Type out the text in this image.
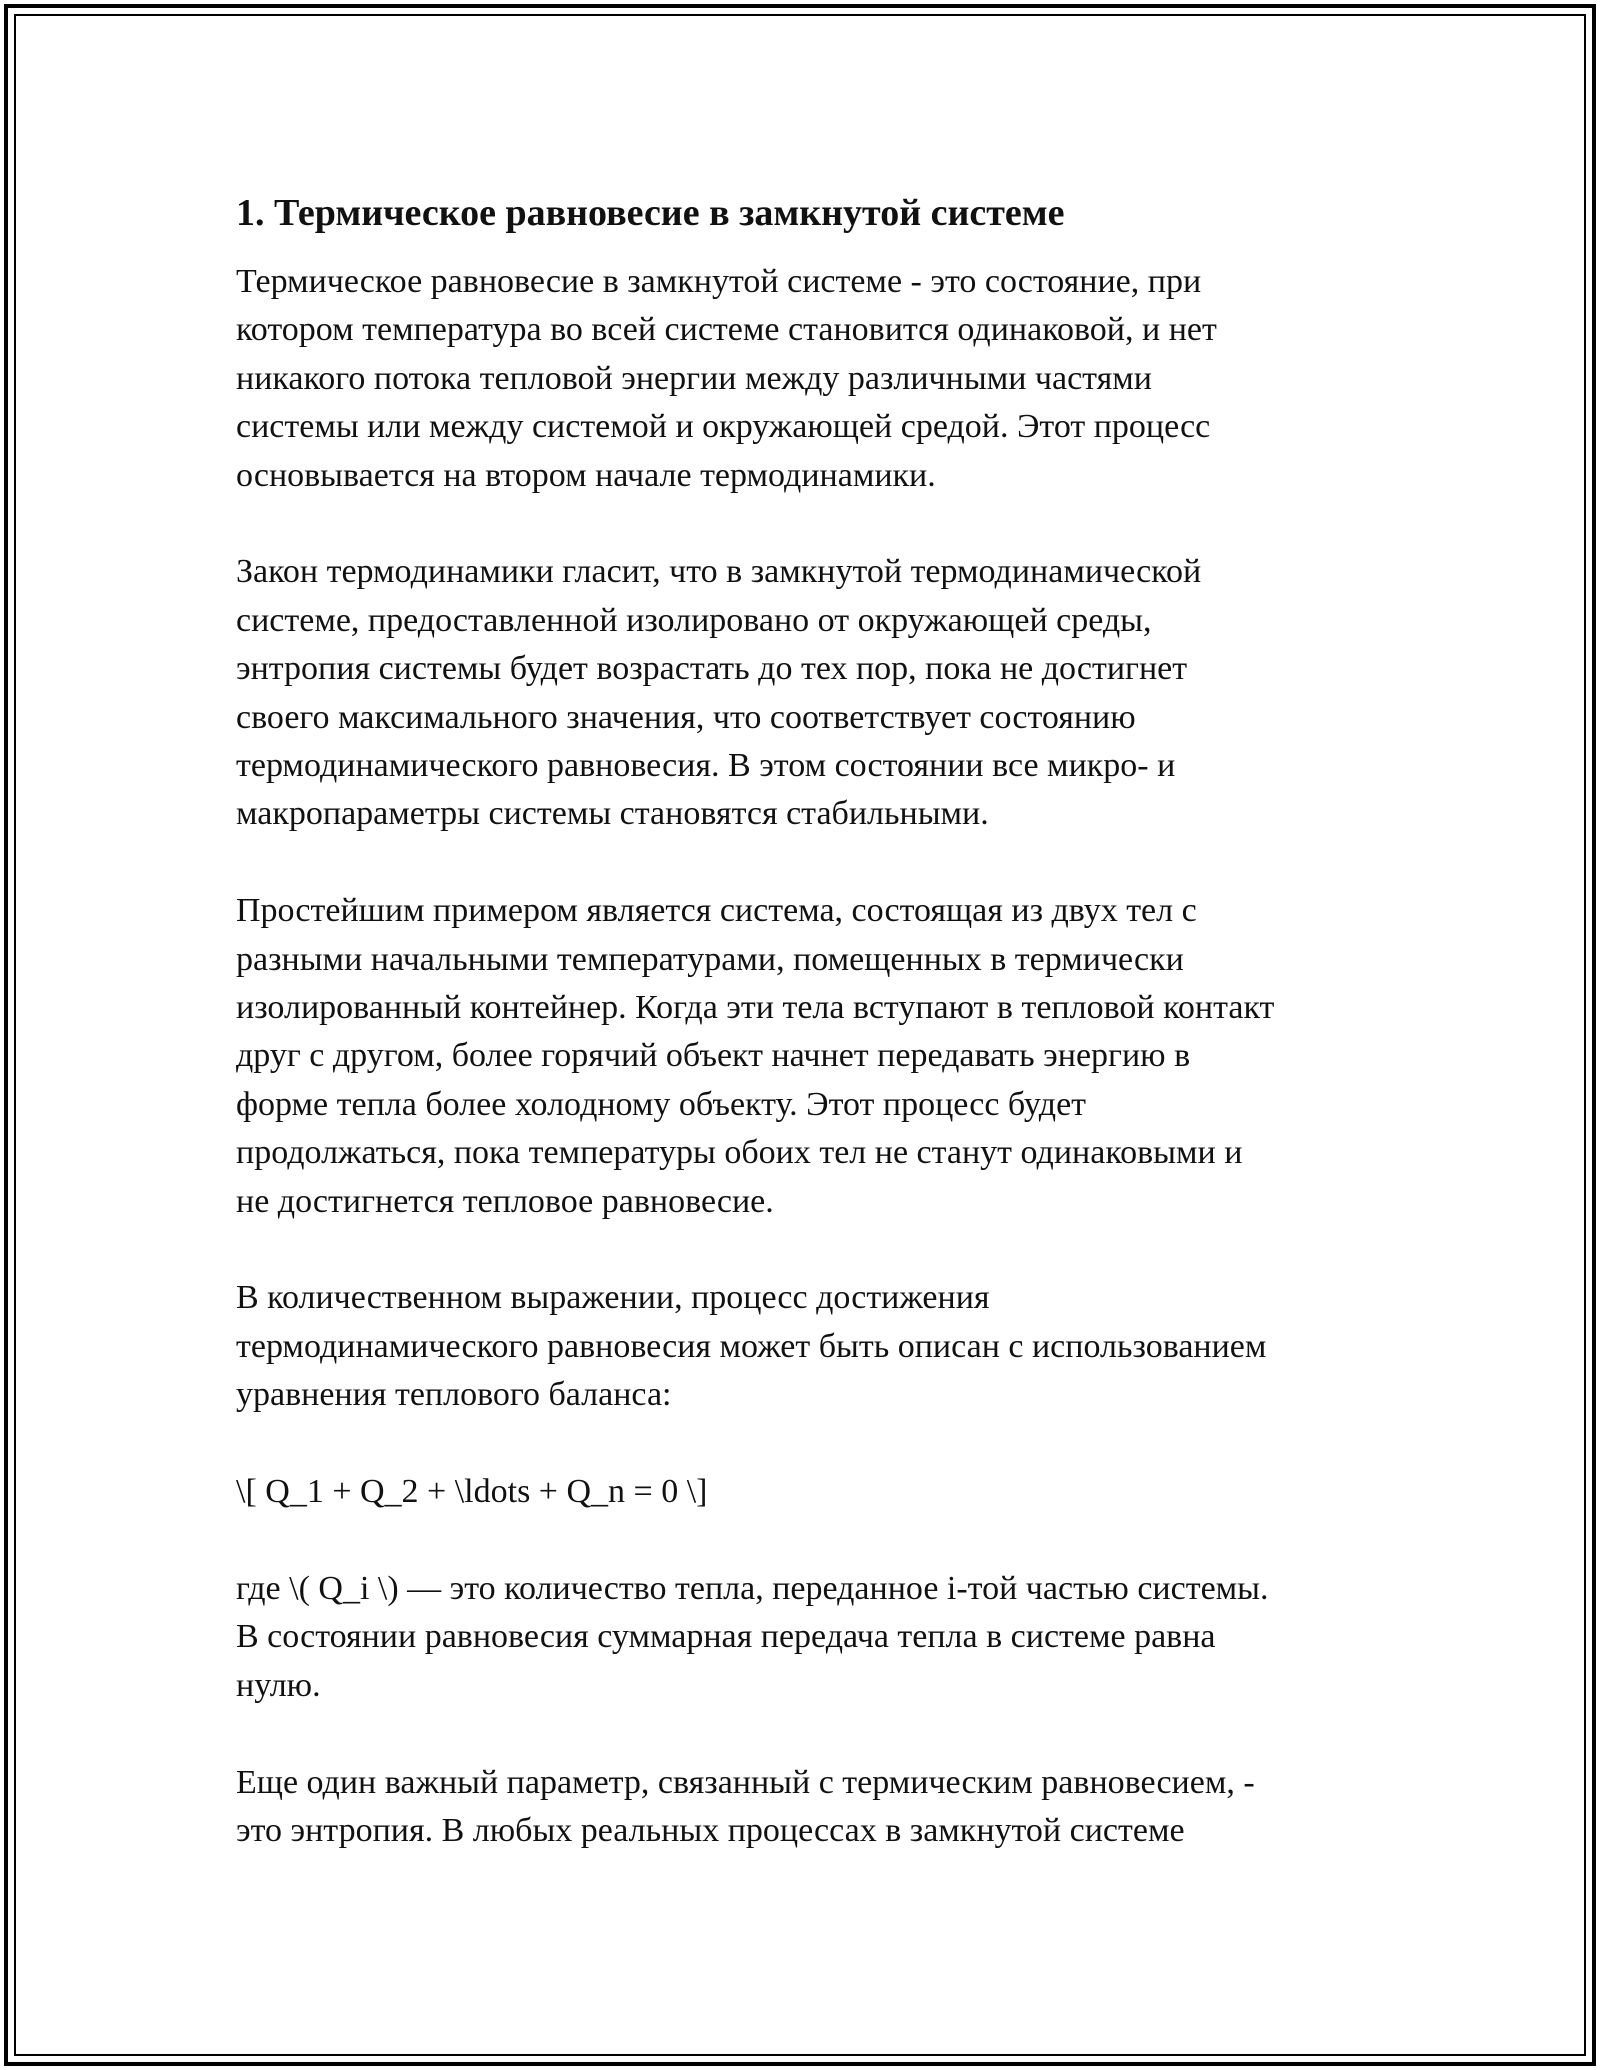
1. Термическое равновесие в замкнутой системе

Термическое равновесие в замкнутой системе - это состояние, при
котором температура во всей системе становится одинаковой, и нет
никакого потока тепловой энергии между различными частями
системы или между системой и окружающей средой. Этот процесс
основывается на втором начале термодинамики.

Закон термодинамики гласит, что в замкнутой термодинамической
системе, предоставленной изолировано от окружающей среды,
энтропия системы будет возрастать до тех пор, пока не достигнет
своего максимального значения, что соответствует состоянию
термодинамического равновесия. В этом состоянии все микро- и
макропараметры системы становятся стабильными.

Простейшим примером является система, состоящая из двух тел с
разными начальными температурами, помещенных в термически
изолированный контейнер. Когда эти тела вступают в тепловой контакт
друг с другом, более горячий объект начнет передавать энергию в
форме тепла более холодному объекту. Этот процесс будет
продолжаться, пока температуры обоих тел не станут одинаковыми и
не достигнется тепловое равновесие.

В количественном выражении, процесс достижения
термодинамического равновесия может быть описан с использованием
уравнения теплового баланса:

\[ Q_1 + Q_2 + \ldots + Q_n = 0 \]

где \( Q_i \) — это количество тепла, переданное i-той частью системы.
В состоянии равновесия суммарная передача тепла в системе равна
нулю.

Еще один важный параметр, связанный с термическим равновесием, -
это энтропия. В любых реальных процессах в замкнутой системе
